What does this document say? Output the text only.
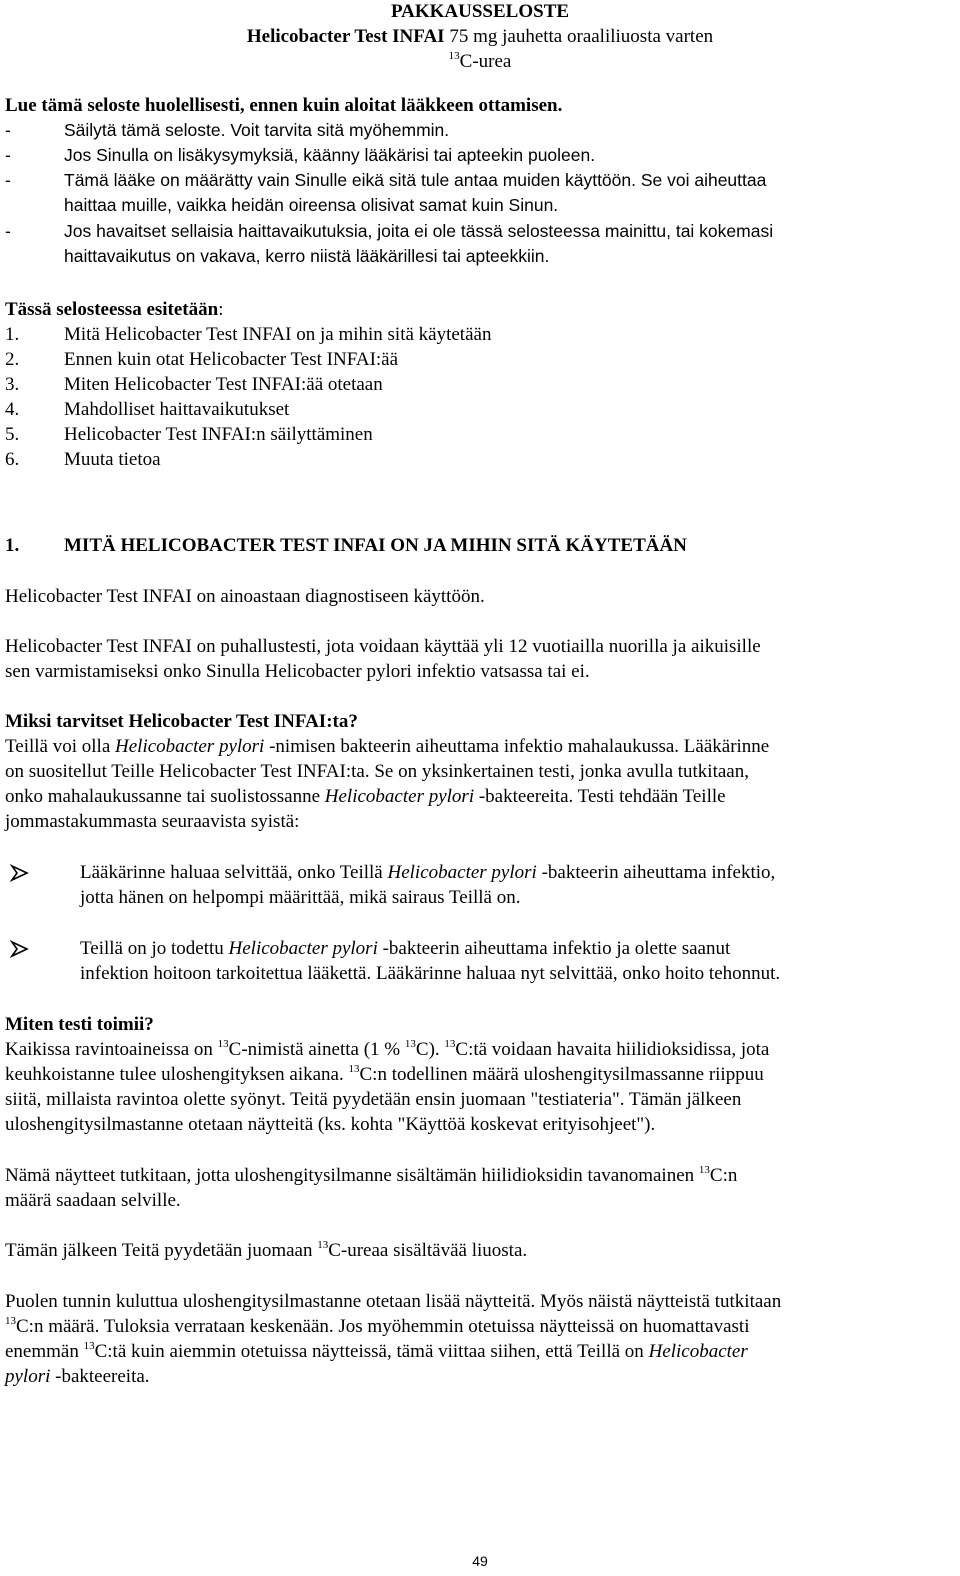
PAKKAUSSELOSTE
Helicobacter Test INFAI 75 mg jauhetta oraaliliuosta varten
$^{13}$C-urea
Lue tämä seloste huolellisesti, ennen kuin aloitat lääkkeen ottamisen.
-	Säilytä tämä seloste. Voit tarvita sitä myöhemmin.
-	Jos Sinulla on lisäkysymyksiä, käänny lääkärisi tai apteekin puoleen.
-	Tämä lääke on määrätty vain Sinulle eikä sitä tule antaa muiden käyttöön. Se voi aiheuttaa
haittaa muille, vaikka heidän oireensa olisivat samat kuin Sinun.
-	Jos havaitset sellaisia haittavaikutuksia, joita ei ole tässä selosteessa mainittu, tai kokemasi
haittavaikutus on vakava, kerro niistä lääkärillesi tai apteekkiin.
Tässä selosteessa esitetään:
1. Mitä Helicobacter Test INFAI on ja mihin sitä käytetään
2. Ennen kuin otat Helicobacter Test INFAI:ää
3. Miten Helicobacter Test INFAI:ää otetaan
4. Mahdolliset haittavaikutukset
5. Helicobacter Test INFAI:n säilyttäminen
6. Muuta tietoa
1. MITÄ HELICOBACTER TEST INFAI ON JA MIHIN SITÄ KÄYTETÄÄN
Helicobacter Test INFAI on ainoastaan diagnostiseen käyttöön.
Helicobacter Test INFAI on puhallustesti, jota voidaan käyttää yli 12 vuotiailla nuorilla ja aikuisille
sen varmistamiseksi onko Sinulla Helicobacter pylori infektio vatsassa tai ei.
Miksi tarvitset Helicobacter Test INFAI:ta?
Teillä voi olla Helicobacter pylori -nimisen bakteerin aiheuttama infektio mahalaukussa. Lääkärinne
on suositellut Teille Helicobacter Test INFAI:ta. Se on yksinkertainen testi, jonka avulla tutkitaan,
onko mahalaukussanne tai suolistossanne Helicobacter pylori -bakteereita. Testi tehdään Teille
jommastakummasta seuraavista syistä:
Lääkärinne haluaa selvittää, onko Teillä Helicobacter pylori -bakteerin aiheuttama infektio,
jotta hänen on helpompi määrittää, mikä sairaus Teillä on.
Teillä on jo todettu Helicobacter pylori -bakteerin aiheuttama infektio ja olette saanut
infektion hoitoon tarkoitettua lääkettä. Lääkärinne haluaa nyt selvittää, onko hoito tehonnut.
Miten testi toimii?
Kaikissa ravintoaineissa on $^{13}$C-nimistä ainetta (1 % $^{13}$C). $^{13}$C:tä voidaan havaita hiilidioksidissa, jota
keuhkoistanne tulee uloshengityksen aikana. $^{13}$C:n todellinen määrä uloshengitysilmassanne riippuu
siitä, millaista ravintoa olette syönyt. Teitä pyydetään ensin juomaan "testiateria". Tämän jälkeen
uloshengitysilmastanne otetaan näytteitä (ks. kohta "Käyttöä koskevat erityisohjeet").
Nämä näytteet tutkitaan, jotta uloshengitysilmanne sisältämän hiilidioksidin tavanomainen $^{13}$C:n
määrä saadaan selville.
Tämän jälkeen Teitä pyydetään juomaan $^{13}$C-ureaa sisältävää liuosta.
Puolen tunnin kuluttua uloshengitysilmastanne otetaan lisää näytteitä. Myös näistä näytteistä tutkitaan
$^{13}$C:n määrä. Tuloksia verrataan keskenään. Jos myöhemmin otetuissa näytteissä on huomattavasti
enemmän $^{13}$C:tä kuin aiemmin otetuissa näytteissä, tämä viittaa siihen, että Teillä on Helicobacter
pylori -bakteereita.
49
